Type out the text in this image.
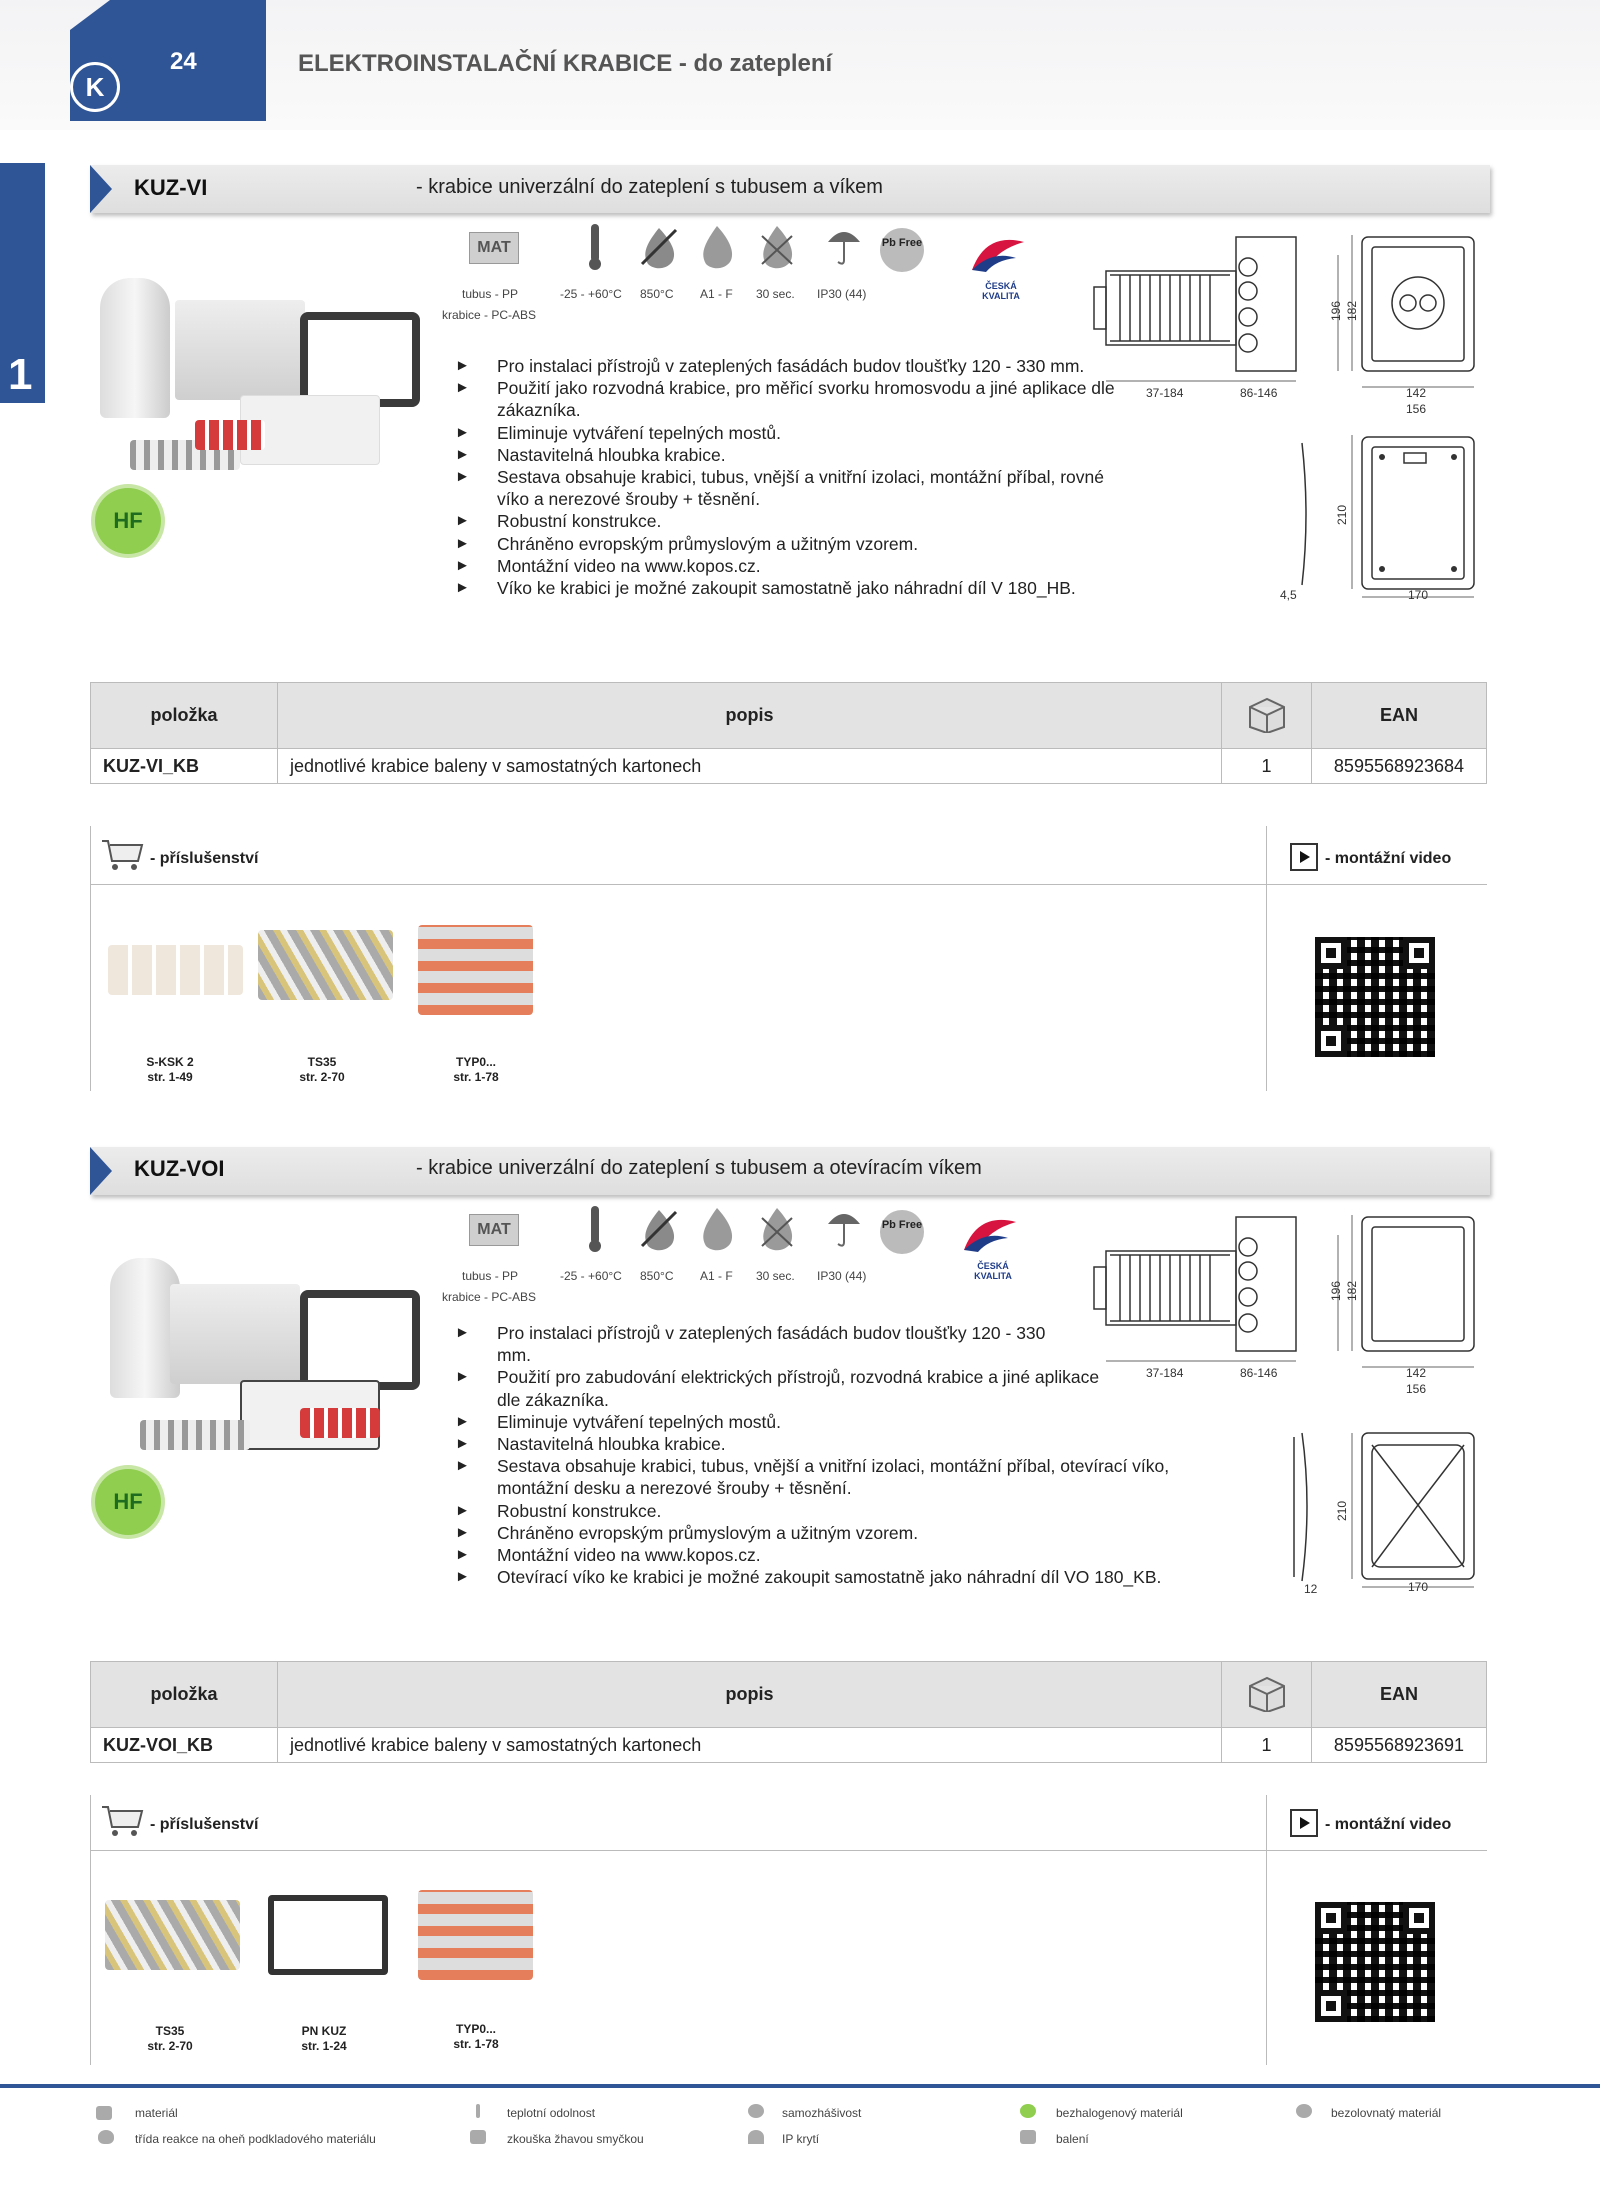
24
K
ELEKTROINSTALAČNÍ KRABICE - do zateplení
1
KUZ-VI	- krabice univerzální do zateplení s tubusem a víkem
MAT	Pb Free
ČESKÁ KVALITA
tubus - PP
krabice - PC-ABS
-25 - +60°C 850°C A1 - F 30 sec. IP30 (44)
HF
► Pro instalaci přístrojů v zateplených fasádách budov tloušťky 120 - 330 mm.
► Použití jako rozvodná krabice, pro měřicí svorku hromosvodu a jiné aplikace dle zákazníka.
► Eliminuje vytváření tepelných mostů.
► Nastavitelná hloubka krabice.
► Sestava obsahuje krabici, tubus, vnější a vnitřní izolaci, montážní příbal, rovné víko a nerezové šrouby + těsnění.
► Robustní konstrukce.
► Chráněno evropským průmyslovým a užitným vzorem.
► Montážní video na www.kopos.cz.
► Víko ke krabici je možné zakoupit samostatně jako náhradní díl V 180_HB.
37-184	86-146
196 182
142
156
210
4,5	170
položka	popis		EAN
KUZ-VI_KB	jednotlivé krabice baleny v samostatných kartonech	1	8595568923684
- příslušenství	- montážní video
S-KSK 2
str. 1-49
TS35
str. 2-70
TYP0...
str. 1-78
KUZ-VOI	- krabice univerzální do zateplení s tubusem a otevíracím víkem
MAT	Pb Free
ČESKÁ KVALITA
tubus - PP
krabice - PC-ABS
-25 - +60°C 850°C A1 - F 30 sec. IP30 (44)
HF
► Pro instalaci přístrojů v zateplených fasádách budov tloušťky 120 - 330 mm.
► Použití pro zabudování elektrických přístrojů, rozvodná krabice a jiné aplikace dle zákazníka.
► Eliminuje vytváření tepelných mostů.
► Nastavitelná hloubka krabice.
► Sestava obsahuje krabici, tubus, vnější a vnitřní izolaci, montážní příbal, otevírací víko, montážní desku a nerezové šrouby + těsnění.
► Robustní konstrukce.
► Chráněno evropským průmyslovým a užitným vzorem.
► Montážní video na www.kopos.cz.
► Otevírací víko ke krabici je možné zakoupit samostatně jako náhradní díl VO 180_KB.
37-184	86-146
196 182
142
156
210
12	170
položka	popis		EAN
KUZ-VOI_KB	jednotlivé krabice baleny v samostatných kartonech	1	8595568923691
- příslušenství	- montážní video
TS35
str. 2-70
PN KUZ
str. 1-24
TYP0...
str. 1-78
materiál	teplotní odolnost	samozhášivost	bezhalogenový materiál	bezolovnatý materiál
třída reakce na oheň podkladového materiálu	zkouška žhavou smyčkou	IP krytí	balení
